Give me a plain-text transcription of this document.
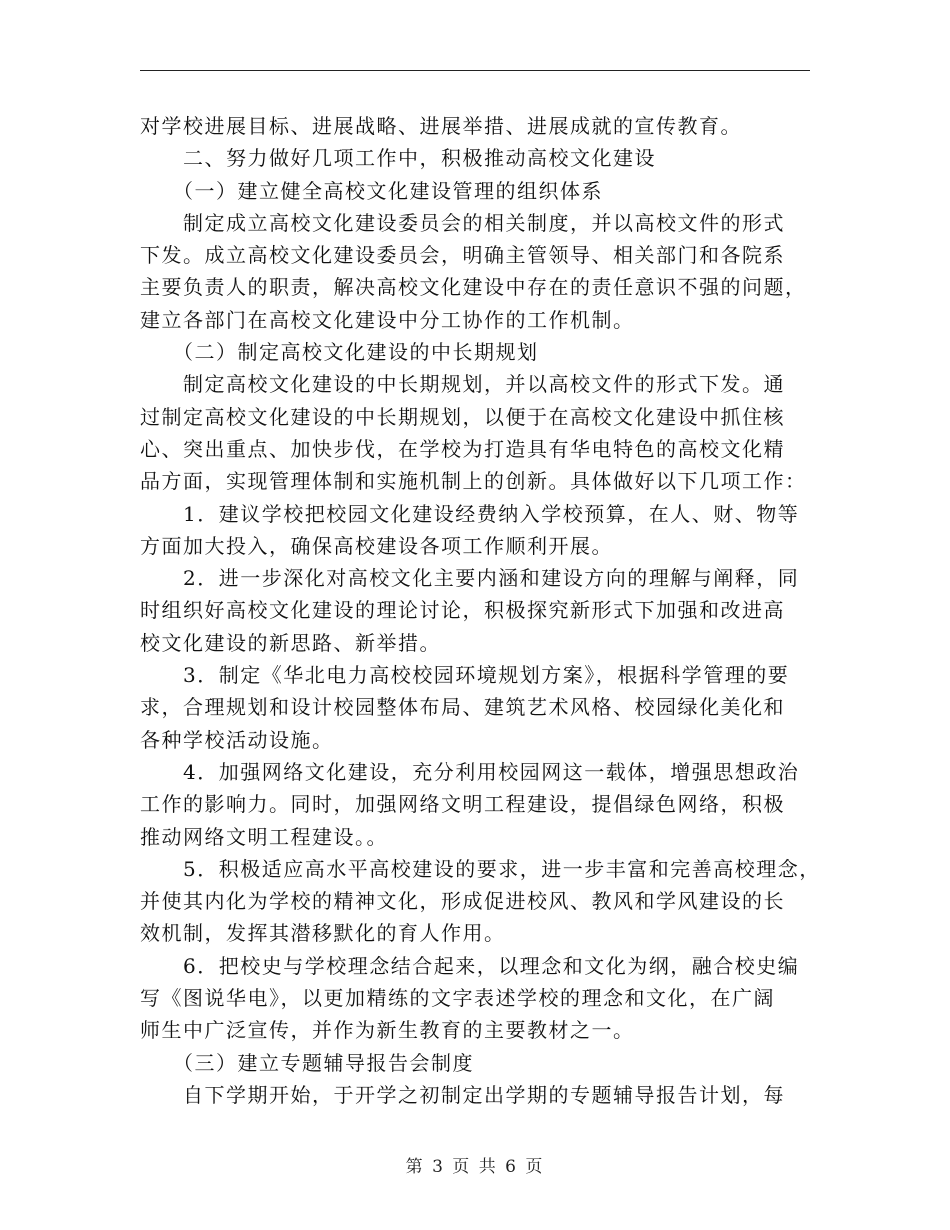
对学校进展目标、进展战略、进展举措、进展成就的宣传教育。
　　二、努力做好几项工作中，积极推动高校文化建设
　　（一）建立健全高校文化建设管理的组织体系
　　制定成立高校文化建设委员会的相关制度，并以高校文件的形式
下发。成立高校文化建设委员会，明确主管领导、相关部门和各院系
主要负责人的职责，解决高校文化建设中存在的责任意识不强的问题，
建立各部门在高校文化建设中分工协作的工作机制。
　　（二）制定高校文化建设的中长期规划
　　制定高校文化建设的中长期规划，并以高校文件的形式下发。通
过制定高校文化建设的中长期规划，以便于在高校文化建设中抓住核
心、突出重点、加快步伐，在学校为打造具有华电特色的高校文化精
品方面，实现管理体制和实施机制上的创新。具体做好以下几项工作：
　　1．建议学校把校园文化建设经费纳入学校预算，在人、财、物等
方面加大投入，确保高校建设各项工作顺利开展。
　　2．进一步深化对高校文化主要内涵和建设方向的理解与阐释，同
时组织好高校文化建设的理论讨论，积极探究新形式下加强和改进高
校文化建设的新思路、新举措。
　　3．制定《华北电力高校校园环境规划方案》，根据科学管理的要
求，合理规划和设计校园整体布局、建筑艺术风格、校园绿化美化和
各种学校活动设施。
　　4．加强网络文化建设，充分利用校园网这一载体，增强思想政治
工作的影响力。同时，加强网络文明工程建设，提倡绿色网络，积极
推动网络文明工程建设。。
　　5．积极适应高水平高校建设的要求，进一步丰富和完善高校理念，
并使其内化为学校的精神文化，形成促进校风、教风和学风建设的长
效机制，发挥其潜移默化的育人作用。
　　6．把校史与学校理念结合起来，以理念和文化为纲，融合校史编
写《图说华电》，以更加精练的文字表述学校的理念和文化，在广阔
师生中广泛宣传，并作为新生教育的主要教材之一。
　　（三）建立专题辅导报告会制度
　　自下学期开始，于开学之初制定出学期的专题辅导报告计划，每
第 3 页 共 6 页
